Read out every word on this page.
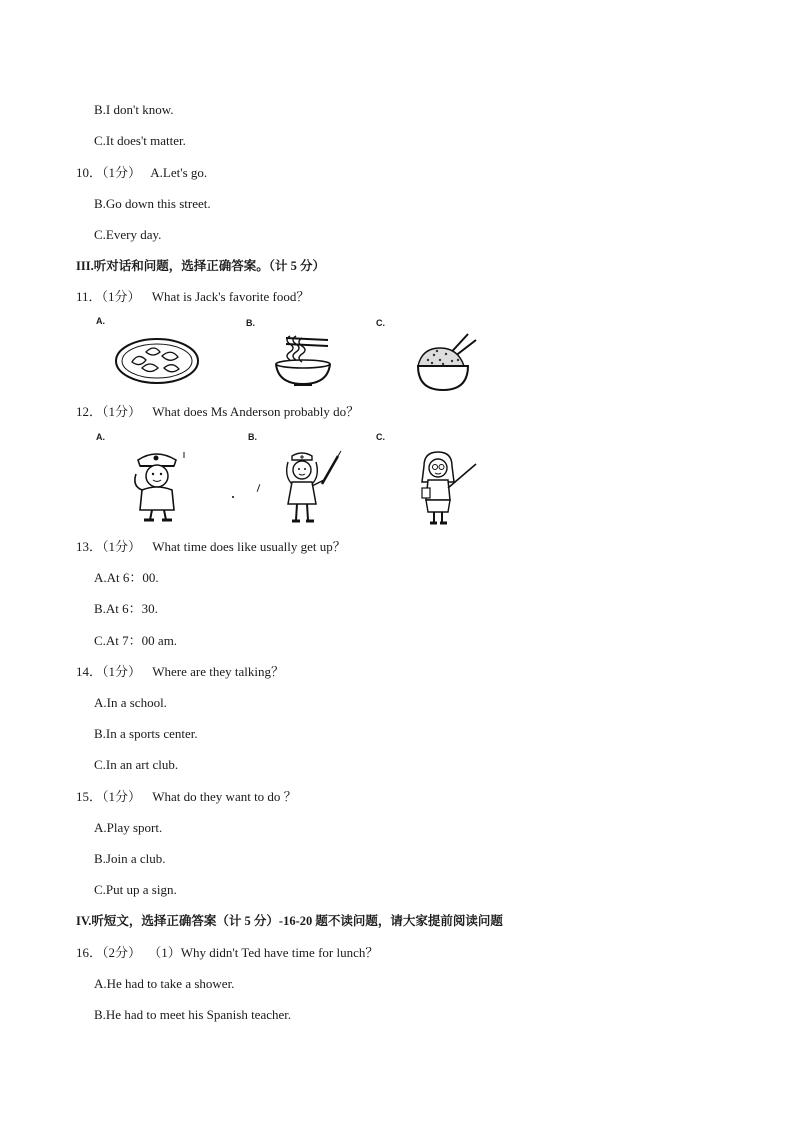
B.I don't know.
C.It does't matter.
10．（1分） A.Let's go.
B.Go down this street.
C.Every day.
III.听对话和问题，选择正确答案。（计 5 分）
11．（1分） What is Jack's favorite food？
A.	B.	C.
12．（1分） What does Ms Anderson probably do？
A.	B.	C.
13．（1分） What time does like usually get up？
A.At 6：00.
B.At 6：30.
C.At 7：00 am.
14．（1分） Where are they talking？
A.In a school.
B.In a sports center.
C.In an art club.
15．（1分） What do they want to do ？
A.Play sport.
B.Join a club.
C.Put up a sign.
IV.听短文，选择正确答案（计 5 分）-16-20 题不读问题，请大家提前阅读问题
16．（2分） （1）Why didn't Ted have time for lunch？
A.He had to take a shower.
B.He had to meet his Spanish teacher.
